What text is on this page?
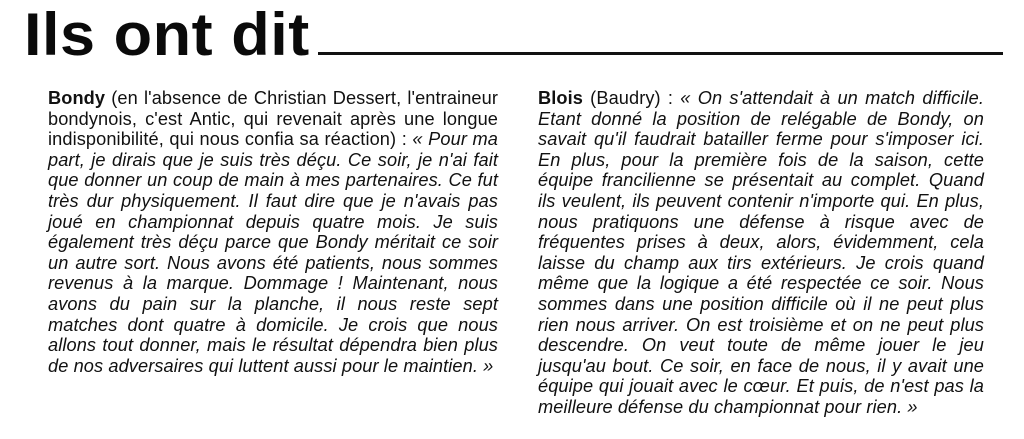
Ils ont dit
Bondy (en l'absence de Christian Dessert, l'entraineur bondynois, c'est Antic, qui revenait après une longue indisponibilité, qui nous confia sa réaction) : « Pour ma part, je dirais que je suis très déçu. Ce soir, je n'ai fait que donner un coup de main à mes partenaires. Ce fut très dur physiquement. Il faut dire que je n'avais pas joué en championnat depuis quatre mois. Je suis également très déçu parce que Bondy méritait ce soir un autre sort. Nous avons été patients, nous sommes revenus à la marque. Dommage ! Maintenant, nous avons du pain sur la planche, il nous reste sept matches dont quatre à domicile. Je crois que nous allons tout donner, mais le résultat dépendra bien plus de nos adversaires qui luttent aussi pour le maintien. »
Blois (Baudry) : « On s'attendait à un match difficile. Etant donné la position de relégable de Bondy, on savait qu'il faudrait batailler ferme pour s'imposer ici. En plus, pour la première fois de la saison, cette équipe francilienne se présentait au complet. Quand ils veulent, ils peuvent contenir n'importe qui. En plus, nous pratiquons une défense à risque avec de fréquentes prises à deux, alors, évidemment, cela laisse du champ aux tirs extérieurs. Je crois quand même que la logique a été respectée ce soir. Nous sommes dans une position difficile où il ne peut plus rien nous arriver. On est troisième et on ne peut plus descendre. On veut toute de même jouer le jeu jusqu'au bout. Ce soir, en face de nous, il y avait une équipe qui jouait avec le cœur. Et puis, de n'est pas la meilleure défense du championnat pour rien. »
